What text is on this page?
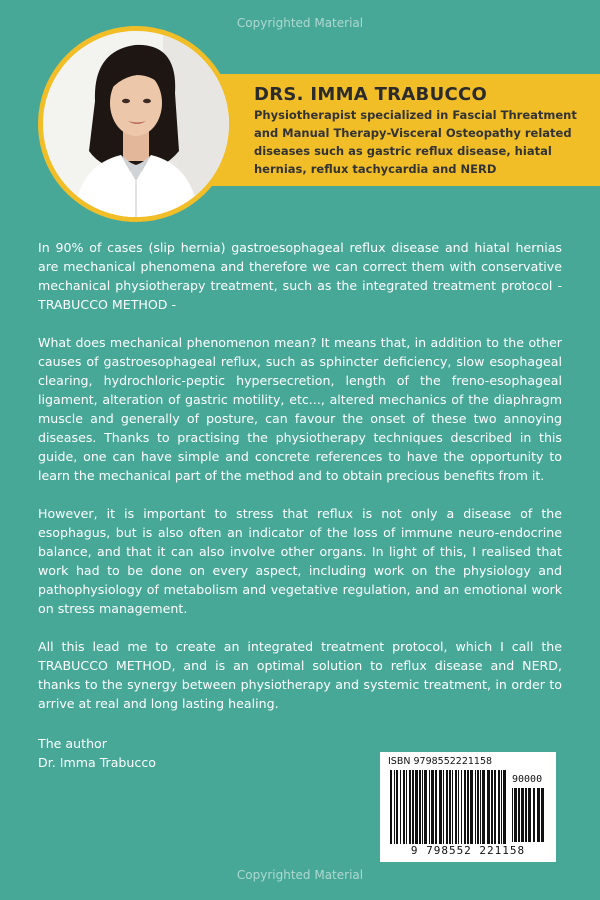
Copyrighted Material
DRS. IMMA TRABUCCO
Physiotherapist specialized in Fascial Threatment and Manual Therapy-Visceral Osteopathy related diseases such as gastric reflux disease, hiatal hernias, reflux tachycardia and NERD

In 90% of cases (slip hernia) gastroesophageal reflux disease and hiatal hernias are mechanical phenomena and therefore we can correct them with conservative mechanical physiotherapy treatment, such as the integrated treatment protocol - TRABUCCO METHOD -

What does mechanical phenomenon mean? It means that, in addition to the other causes of gastroesophageal reflux, such as sphincter deficiency, slow esophageal clearing, hydrochloric-peptic hypersecretion, length of the freno-esophageal ligament, alteration of gastric motility, etc..., altered mechanics of the diaphragm muscle and generally of posture, can favour the onset of these two annoying diseases. Thanks to practising the physiotherapy techniques described in this guide, one can have simple and concrete references to have the opportunity to learn the mechanical part of the method and to obtain precious benefits from it.

However, it is important to stress that reflux is not only a disease of the esophagus, but is also often an indicator of the loss of immune neuro-endocrine balance, and that it can also involve other organs. In light of this, I realised that work had to be done on every aspect, including work on the physiology and pathophysiology of metabolism and vegetative regulation, and an emotional work on stress management.

All this lead me to create an integrated treatment protocol, which I call the TRABUCCO METHOD, and is an optimal solution to reflux disease and NERD, thanks to the synergy between physiotherapy and systemic treatment, in order to arrive at real and long lasting healing.

The author
Dr. Imma Trabucco	ISBN 9798552221158
90000
9 798552 221158
Copyrighted Material
